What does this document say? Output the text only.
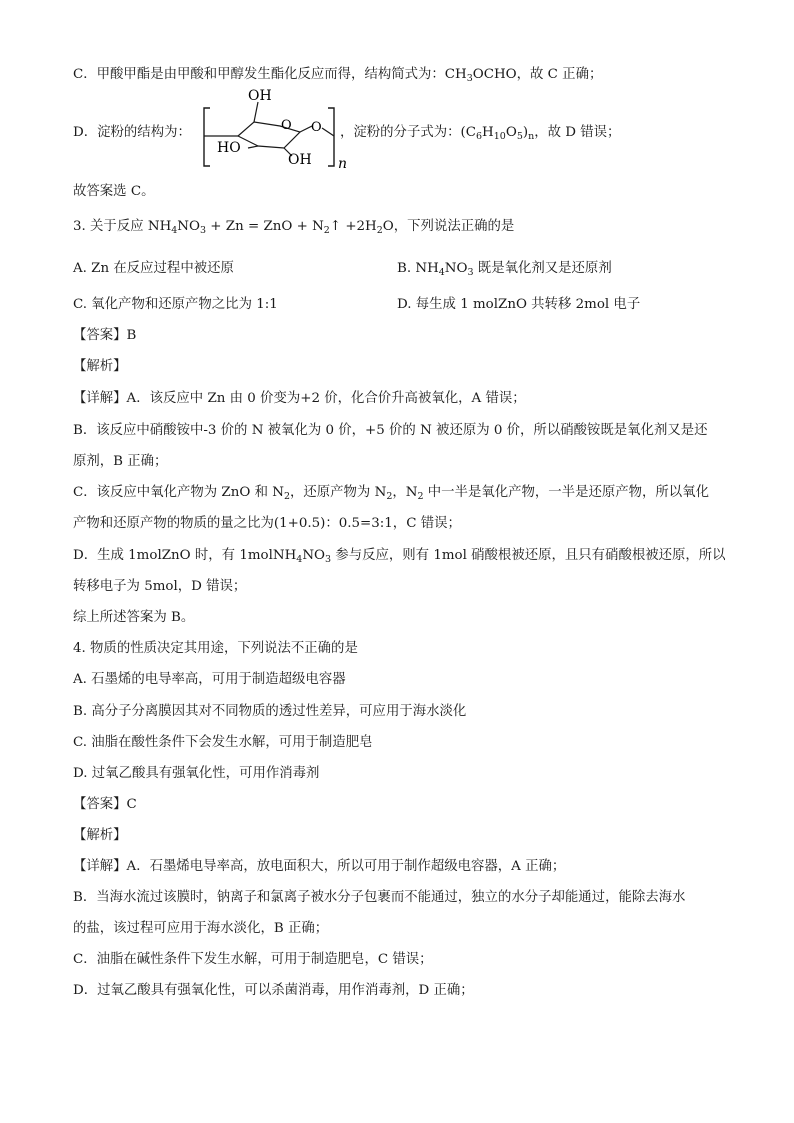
C．甲酸甲酯是由甲酸和甲醇发生酯化反应而得，结构简式为：$CH_3OCHO$，故 C 正确；
D．淀粉的结构为：
OH
O O
HO
OH n
，淀粉的分子式为：$(C_6H_{10}O_5)_n$，故 D 错误；
故答案选 C。
3. 关于反应 $NH_4NO_3 + Zn$ = ZnO + $N_2↑ +2H_2O$，下列说法正确的是
A. Zn 在反应过程中被还原	B. $NH_4NO_3$ 既是氧化剂又是还原剂
C. 氧化产物和还原产物之比为 1:1	D. 每生成 1 molZnO 共转移 2mol 电子
【答案】B
【解析】
【详解】A．该反应中 Zn 由 0 价变为+2 价，化合价升高被氧化，A 错误；
B．该反应中硝酸铵中-3 价的 N 被氧化为 0 价，+5 价的 N 被还原为 0 价，所以硝酸铵既是氧化剂又是还
原剂，B 正确；
C．该反应中氧化产物为 ZnO 和 $N_2$，还原产物为 $N_2$，$N_2$ 中一半是氧化产物，一半是还原产物，所以氧化
产物和还原产物的物质的量之比为(1+0.5)：0.5=3:1，C 错误；
D．生成 1molZnO 时，有 $1molNH_4NO_3$ 参与反应，则有 1mol 硝酸根被还原，且只有硝酸根被还原，所以
转移电子为 5mol，D 错误；
综上所述答案为 B。
4. 物质的性质决定其用途，下列说法不正确的是
A. 石墨烯的电导率高，可用于制造超级电容器
B. 高分子分离膜因其对不同物质的透过性差异，可应用于海水淡化
C. 油脂在酸性条件下会发生水解，可用于制造肥皂
D. 过氧乙酸具有强氧化性，可用作消毒剂
【答案】C
【解析】
【详解】A．石墨烯电导率高，放电面积大，所以可用于制作超级电容器，A 正确；
B．当海水流过该膜时，钠离子和氯离子被水分子包裹而不能通过，独立的水分子却能通过，能除去海水
的盐，该过程可应用于海水淡化，B 正确；
C．油脂在碱性条件下发生水解，可用于制造肥皂，C 错误；
D．过氧乙酸具有强氧化性，可以杀菌消毒，用作消毒剂，D 正确；
